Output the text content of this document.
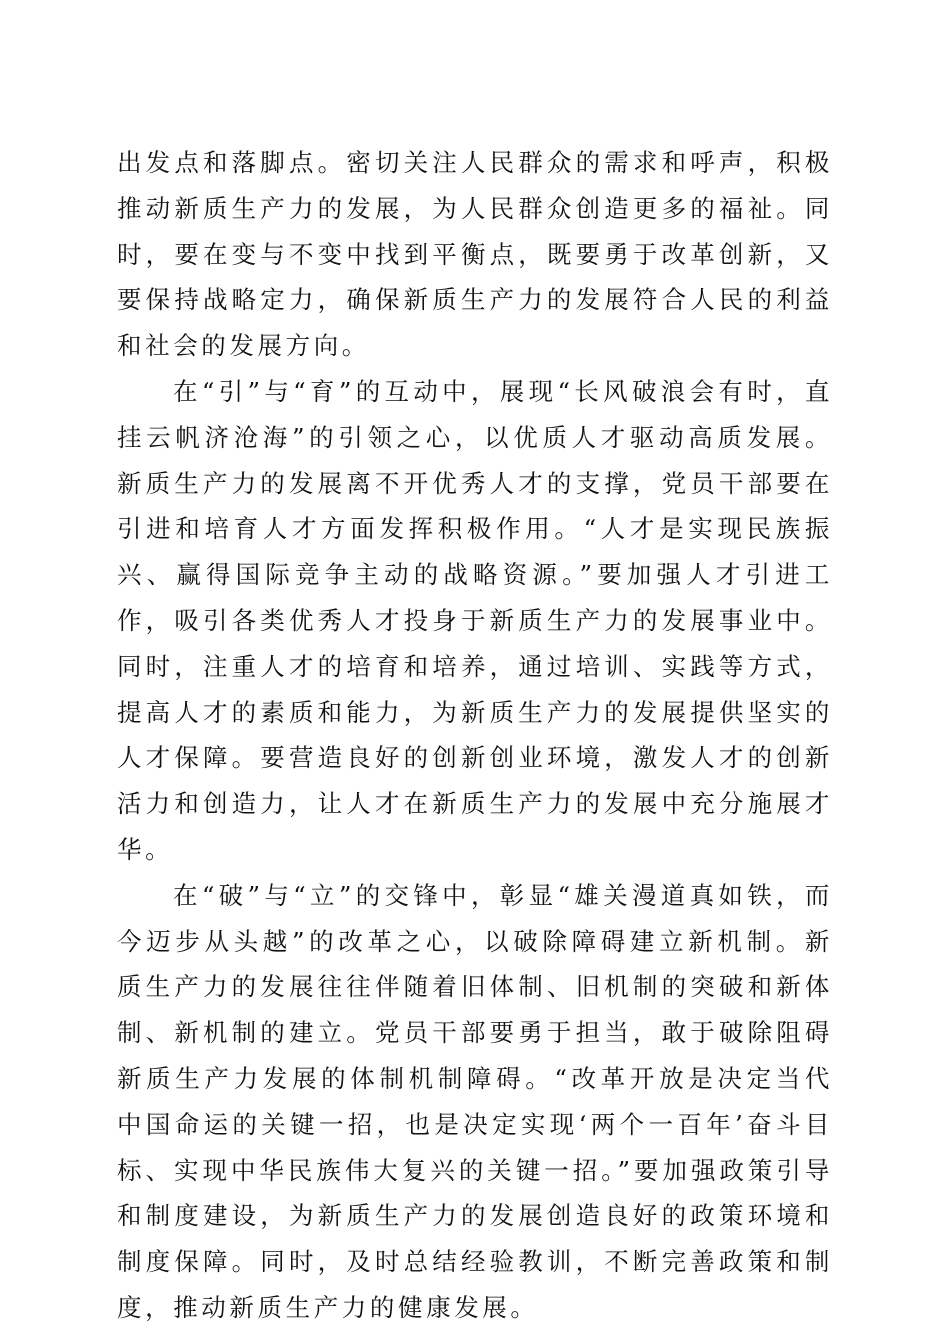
出发点和落脚点。密切关注人民群众的需求和呼声，积极推动新质生产力的发展，为人民群众创造更多的福祉。同时，要在变与不变中找到平衡点，既要勇于改革创新，又要保持战略定力，确保新质生产力的发展符合人民的利益和社会的发展方向。

在“引”与“育”的互动中，展现“长风破浪会有时，直挂云帆济沧海”的引领之心，以优质人才驱动高质发展。新质生产力的发展离不开优秀人才的支撑，党员干部要在引进和培育人才方面发挥积极作用。“人才是实现民族振兴、赢得国际竞争主动的战略资源。”要加强人才引进工作，吸引各类优秀人才投身于新质生产力的发展事业中。同时，注重人才的培育和培养，通过培训、实践等方式，提高人才的素质和能力，为新质生产力的发展提供坚实的人才保障。要营造良好的创新创业环境，激发人才的创新活力和创造力，让人才在新质生产力的发展中充分施展才华。

在“破”与“立”的交锋中，彰显“雄关漫道真如铁，而今迈步从头越”的改革之心，以破除障碍建立新机制。新质生产力的发展往往伴随着旧体制、旧机制的突破和新体制、新机制的建立。党员干部要勇于担当，敢于破除阻碍新质生产力发展的体制机制障碍。“改革开放是决定当代中国命运的关键一招，也是决定实现‘两个一百年’奋斗目标、实现中华民族伟大复兴的关键一招。”要加强政策引导和制度建设，为新质生产力的发展创造良好的政策环境和制度保障。同时，及时总结经验教训，不断完善政策和制度，推动新质生产力的健康发展。
